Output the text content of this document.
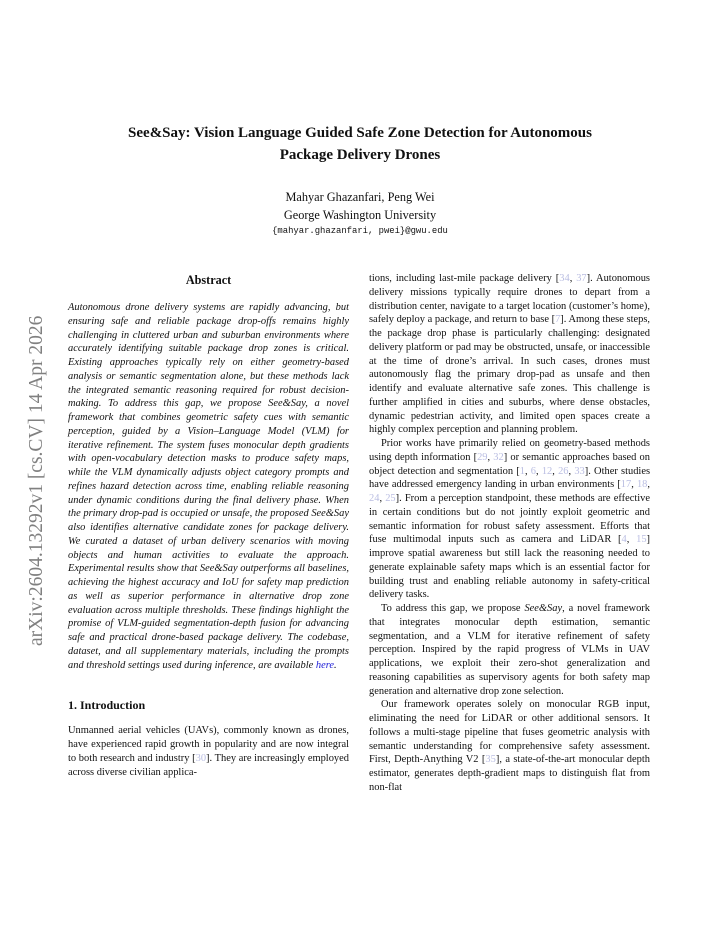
arXiv:2604.13292v1 [cs.CV] 14 Apr 2026
See&Say: Vision Language Guided Safe Zone Detection for Autonomous
Package Delivery Drones
Mahyar Ghazanfari, Peng Wei
George Washington University
{mahyar.ghazanfari, pwei}@gwu.edu
Abstract

Autonomous drone delivery systems are rapidly advancing, but ensuring safe and reliable package drop-offs remains highly challenging in cluttered urban and suburban environments where accurately identifying suitable package drop zones is critical. Existing approaches typically rely on either geometry-based analysis or semantic segmentation alone, but these methods lack the integrated semantic reasoning required for robust decision-making. To address this gap, we propose See&Say, a novel framework that combines geometric safety cues with semantic perception, guided by a Vision–Language Model (VLM) for iterative refinement. The system fuses monocular depth gradients with open-vocabulary detection masks to produce safety maps, while the VLM dynamically adjusts object category prompts and refines hazard detection across time, enabling reliable reasoning under dynamic conditions during the final delivery phase. When the primary drop-pad is occupied or unsafe, the proposed See&Say also identifies alternative candidate zones for package delivery. We curated a dataset of urban delivery scenarios with moving objects and human activities to evaluate the approach. Experimental results show that See&Say outperforms all baselines, achieving the highest accuracy and IoU for safety map prediction as well as superior performance in alternative drop zone evaluation across multiple thresholds. These findings highlight the promise of VLM-guided segmentation-depth fusion for advancing safe and practical drone-based package delivery. The codebase, dataset, and all supplementary materials, including the prompts and threshold settings used during inference, are available here.

1. Introduction

Unmanned aerial vehicles (UAVs), commonly known as drones, have experienced rapid growth in popularity and are now integral to both research and industry [30]. They are increasingly employed across diverse civilian applica-

tions, including last-mile package delivery [34, 37]. Autonomous delivery missions typically require drones to depart from a distribution center, navigate to a target location (customer’s home), safely deploy a package, and return to base [7]. Among these steps, the package drop phase is particularly challenging: designated delivery platform or pad may be obstructed, unsafe, or inaccessible at the time of drone’s arrival. In such cases, drones must autonomously flag the primary drop-pad as unsafe and then identify and evaluate alternative safe zones. This challenge is further amplified in cities and suburbs, where dense obstacles, dynamic pedestrian activity, and limited open spaces create a highly complex perception and planning problem.

Prior works have primarily relied on geometry-based methods using depth information [29, 32] or semantic approaches based on object detection and segmentation [1, 6, 12, 26, 33]. Other studies have addressed emergency landing in urban environments [17, 18, 24, 25]. From a perception standpoint, these methods are effective in certain conditions but do not jointly exploit geometric and semantic information for robust safety assessment. Efforts that fuse multimodal inputs such as camera and LiDAR [4, 15] improve spatial awareness but still lack the reasoning needed to generate explainable safety maps which is an essential factor for building trust and enabling reliable autonomy in safety-critical delivery tasks.

To address this gap, we propose See&Say, a novel framework that integrates monocular depth estimation, semantic segmentation, and a VLM for iterative refinement of safety perception. Inspired by the rapid progress of VLMs in UAV applications, we exploit their zero-shot generalization and reasoning capabilities as supervisory agents for both safety map generation and alternative drop zone selection.

Our framework operates solely on monocular RGB input, eliminating the need for LiDAR or other additional sensors. It follows a multi-stage pipeline that fuses geometric analysis with semantic understanding for comprehensive safety assessment. First, Depth-Anything V2 [35], a state-of-the-art monocular depth estimator, generates depth-gradient maps to distinguish flat from non-flat
